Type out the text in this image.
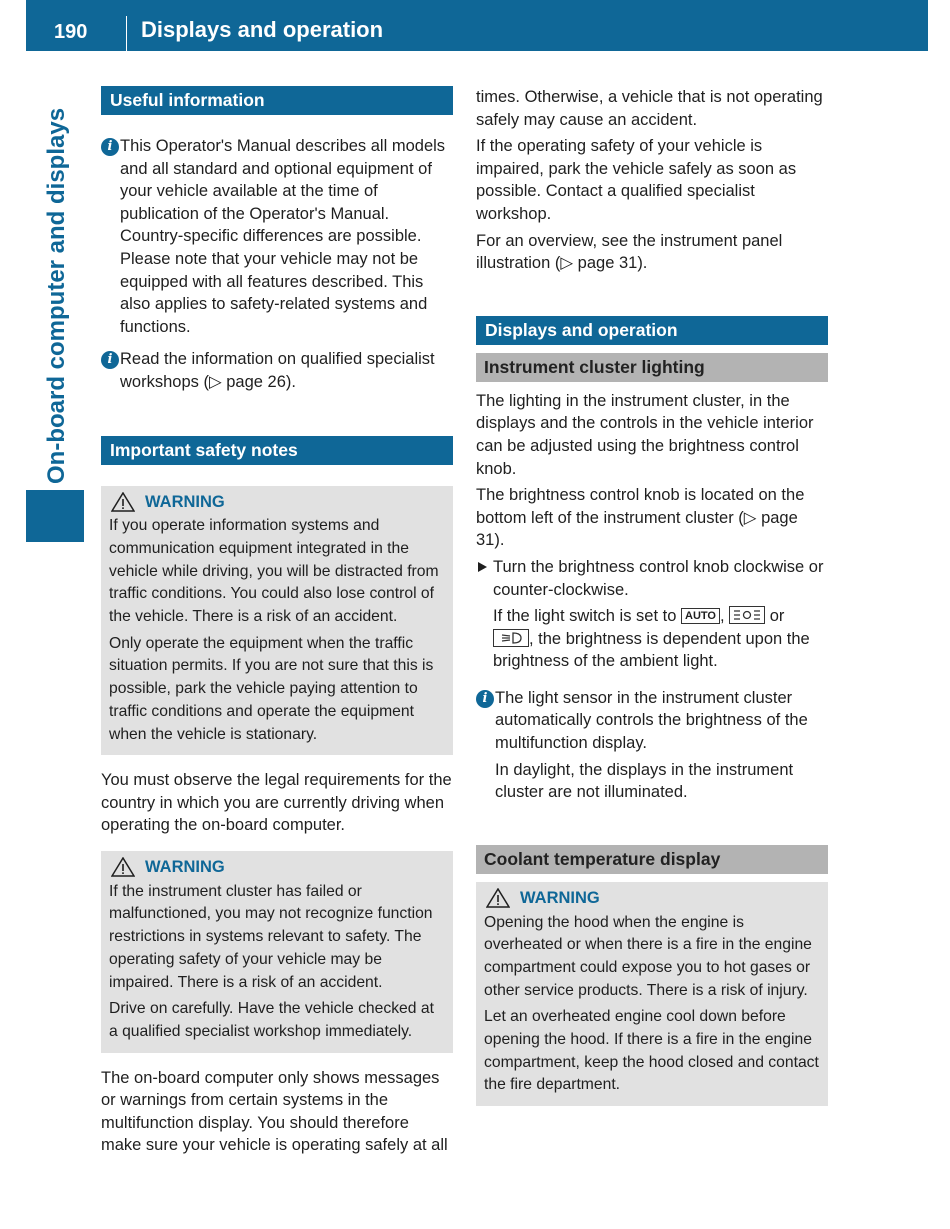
190 Displays and operation
On-board computer and displays
Useful information
i This Operator's Manual describes all models and all standard and optional equipment of your vehicle available at the time of publication of the Operator's Manual. Country-specific differences are possible. Please note that your vehicle may not be equipped with all features described. This also applies to safety-related systems and functions.

i Read the information on qualified specialist workshops (▷ page 26).

Important safety notes
WARNING

If you operate information systems and communication equipment integrated in the vehicle while driving, you will be distracted from traffic conditions. You could also lose control of the vehicle. There is a risk of an accident.

Only operate the equipment when the traffic situation permits. If you are not sure that this is possible, park the vehicle paying attention to traffic conditions and operate the equipment when the vehicle is stationary.

You must observe the legal requirements for the country in which you are currently driving when operating the on-board computer.

WARNING

If the instrument cluster has failed or malfunctioned, you may not recognize function restrictions in systems relevant to safety. The operating safety of your vehicle may be impaired. There is a risk of an accident.

Drive on carefully. Have the vehicle checked at a qualified specialist workshop immediately.

The on-board computer only shows messages or warnings from certain systems in the multifunction display. You should therefore make sure your vehicle is operating safely at all

times. Otherwise, a vehicle that is not operating safely may cause an accident.

If the operating safety of your vehicle is impaired, park the vehicle safely as soon as possible. Contact a qualified specialist workshop.

For an overview, see the instrument panel illustration (▷ page 31).

Displays and operation
Instrument cluster lighting

The lighting in the instrument cluster, in the displays and the controls in the vehicle interior can be adjusted using the brightness control knob.

The brightness control knob is located on the bottom left of the instrument cluster (▷ page 31).

Turn the brightness control knob clockwise or counter-clockwise.

If the light switch is set to AUTO ,  or
, the brightness is dependent upon the brightness of the ambient light.

i The light sensor in the instrument cluster automatically controls the brightness of the multifunction display.

In daylight, the displays in the instrument cluster are not illuminated.

Coolant temperature display
WARNING

Opening the hood when the engine is overheated or when there is a fire in the engine compartment could expose you to hot gases or other service products. There is a risk of injury.

Let an overheated engine cool down before opening the hood. If there is a fire in the engine compartment, keep the hood closed and contact the fire department.
